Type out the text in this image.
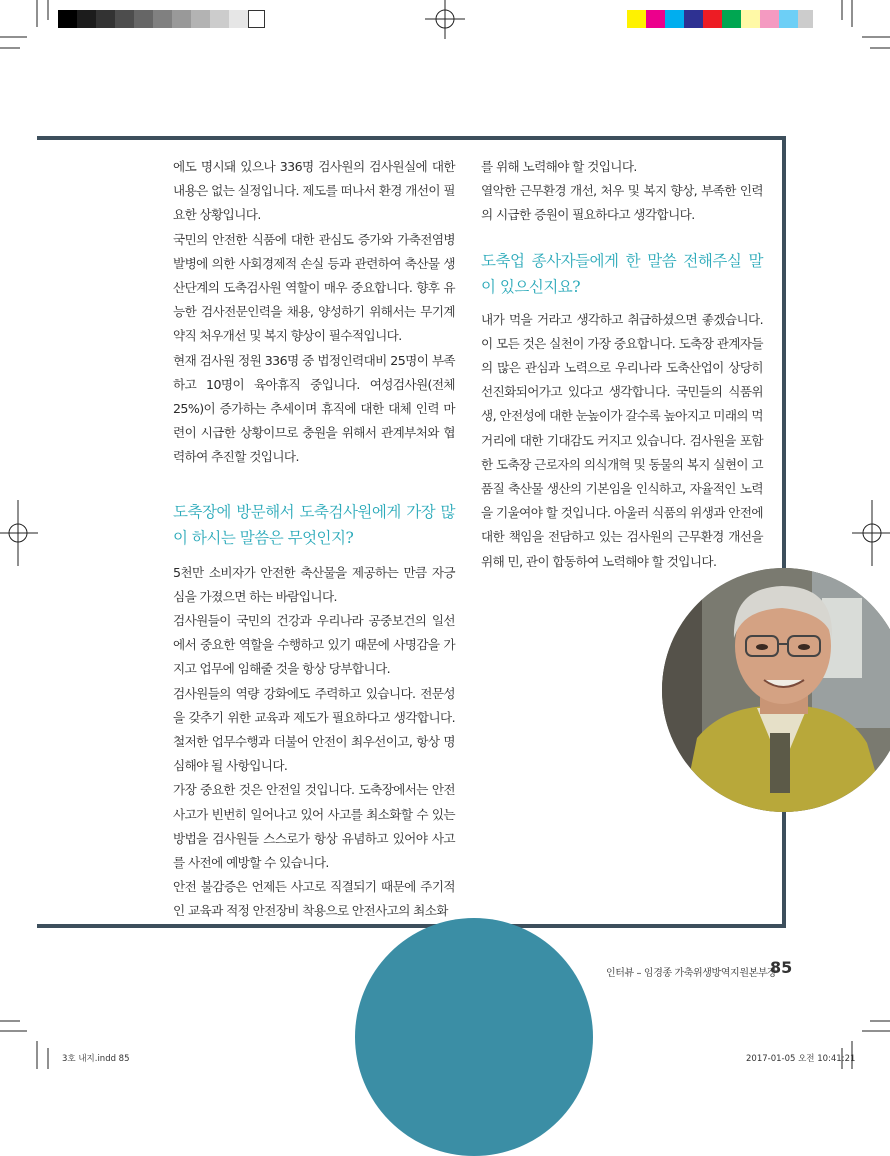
에도 명시돼 있으나 336명 검사원의 검사원실에 대한 내용은 없는 실정입니다. 제도를 떠나서 환경 개선이 필요한 상황입니다.

국민의 안전한 식품에 대한 관심도 증가와 가축전염병 발병에 의한 사회경제적 손실 등과 관련하여 축산물 생산단계의 도축검사원 역할이 매우 중요합니다. 향후 유능한 검사전문인력을 채용, 양성하기 위해서는 무기계약직 처우개선 및 복지 향상이 필수적입니다.

현재 검사원 정원 336명 중 법정인력대비 25명이 부족하고 10명이 육아휴직 중입니다. 여성검사원(전체 25%)이 증가하는 추세이며 휴직에 대한 대체 인력 마련이 시급한 상황이므로 충원을 위해서 관계부처와 협력하여 추진할 것입니다.

도축장에 방문해서 도축검사원에게 가장 많이 하시는 말씀은 무엇인지?

5천만 소비자가 안전한 축산물을 제공하는 만큼 자긍심을 가졌으면 하는 바람입니다.

검사원들이 국민의 건강과 우리나라 공중보건의 일선에서 중요한 역할을 수행하고 있기 때문에 사명감을 가지고 업무에 임해줄 것을 항상 당부합니다.

검사원들의 역량 강화에도 주력하고 있습니다. 전문성을 갖추기 위한 교육과 제도가 필요하다고 생각합니다. 철저한 업무수행과 더불어 안전이 최우선이고, 항상 명심해야 될 사항입니다.

가장 중요한 것은 안전일 것입니다. 도축장에서는 안전사고가 빈번히 일어나고 있어 사고를 최소화할 수 있는 방법을 검사원들 스스로가 항상 유념하고 있어야 사고를 사전에 예방할 수 있습니다.

안전 불감증은 언제든 사고로 직결되기 때문에 주기적인 교육과 적정 안전장비 착용으로 안전사고의 최소화

를 위해 노력해야 할 것입니다.

열악한 근무환경 개선, 처우 및 복지 향상, 부족한 인력의 시급한 증원이 필요하다고 생각합니다.

도축업 종사자들에게 한 말씀 전해주실 말이 있으신지요?

내가 먹을 거라고 생각하고 취급하셨으면 좋겠습니다. 이 모든 것은 실천이 가장 중요합니다. 도축장 관계자들의 많은 관심과 노력으로 우리나라 도축산업이 상당히 선진화되어가고 있다고 생각합니다. 국민들의 식품위생, 안전성에 대한 눈높이가 갈수록 높아지고 미래의 먹거리에 대한 기대감도 커지고 있습니다. 검사원을 포함한 도축장 근로자의 의식개혁 및 동물의 복지 실현이 고품질 축산물 생산의 기본임을 인식하고, 자율적인 노력을 기울여야 할 것입니다. 아울러 식품의 위생과 안전에 대한 책임을 전담하고 있는 검사원의 근무환경 개선을 위해 민, 관이 합동하여 노력해야 할 것입니다.

인터뷰 – 임경종 가축위생방역지원본부장
85
3호 내지.indd 85	2017-01-05 오전 10:41:21
